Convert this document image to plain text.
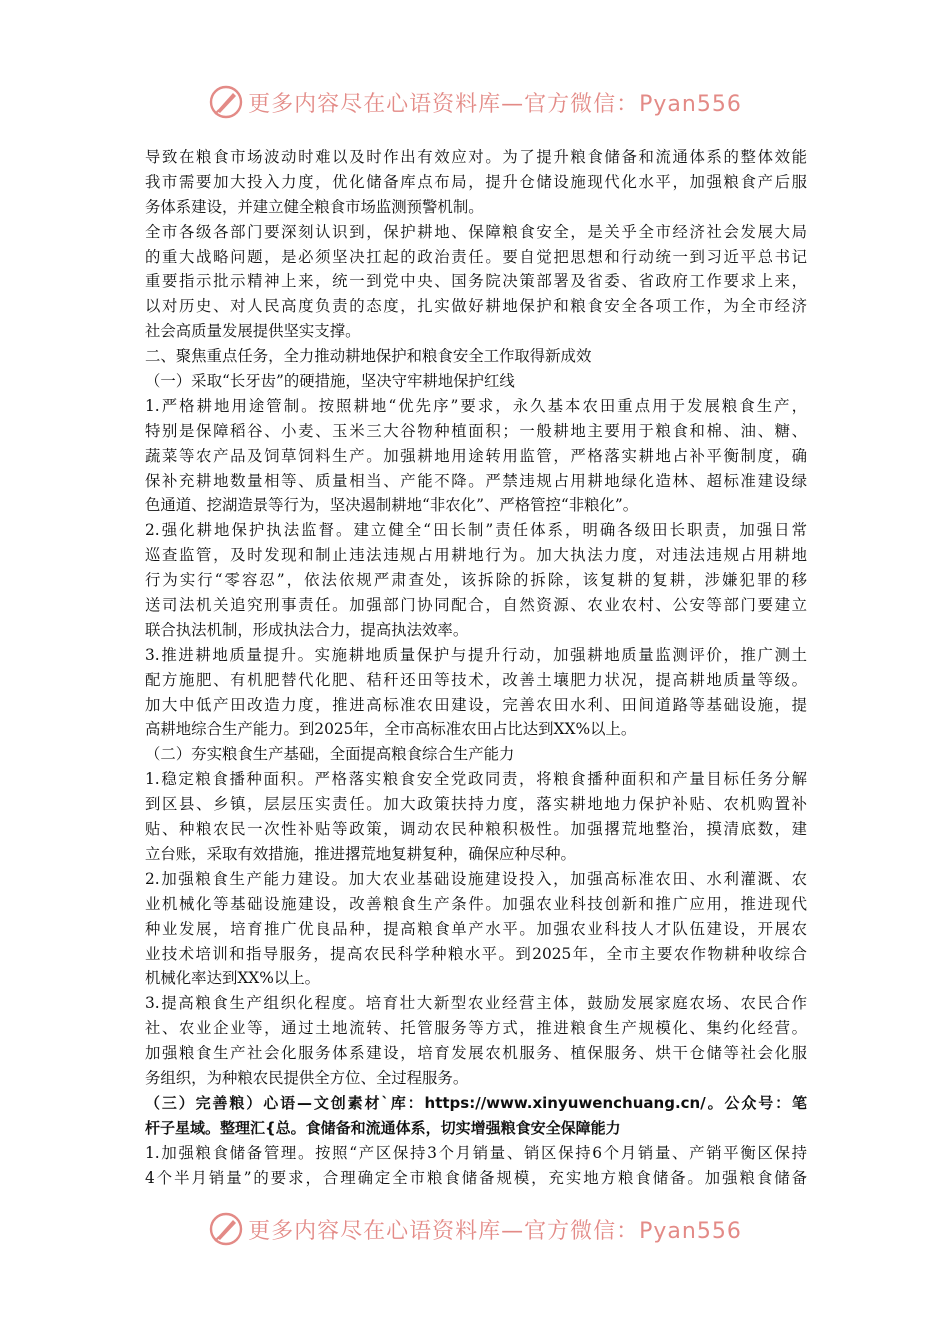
更多内容尽在心语资料库—官方微信：Pyan556
导致在粮食市场波动时难以及时作出有效应对。为了提升粮食储备和流通体系的整体效能
我市需要加大投入力度，优化储备库点布局，提升仓储设施现代化水平，加强粮食产后服
务体系建设，并建立健全粮食市场监测预警机制。
全市各级各部门要深刻认识到，保护耕地、保障粮食安全，是关乎全市经济社会发展大局
的重大战略问题，是必须坚决扛起的政治责任。要自觉把思想和行动统一到习近平总书记
重要指示批示精神上来，统一到党中央、国务院决策部署及省委、省政府工作要求上来，
以对历史、对人民高度负责的态度，扎实做好耕地保护和粮食安全各项工作，为全市经济
社会高质量发展提供坚实支撑。
二、聚焦重点任务，全力推动耕地保护和粮食安全工作取得新成效
（一）采取“长牙齿”的硬措施，坚决守牢耕地保护红线
1.严格耕地用途管制。按照耕地“优先序”要求，永久基本农田重点用于发展粮食生产，
特别是保障稻谷、小麦、玉米三大谷物种植面积；一般耕地主要用于粮食和棉、油、糖、
蔬菜等农产品及饲草饲料生产。加强耕地用途转用监管，严格落实耕地占补平衡制度，确
保补充耕地数量相等、质量相当、产能不降。严禁违规占用耕地绿化造林、超标准建设绿
色通道、挖湖造景等行为，坚决遏制耕地“非农化”、严格管控“非粮化”。
2.强化耕地保护执法监督。建立健全“田长制”责任体系，明确各级田长职责，加强日常
巡查监管，及时发现和制止违法违规占用耕地行为。加大执法力度，对违法违规占用耕地
行为实行“零容忍”，依法依规严肃查处，该拆除的拆除，该复耕的复耕，涉嫌犯罪的移
送司法机关追究刑事责任。加强部门协同配合，自然资源、农业农村、公安等部门要建立
联合执法机制，形成执法合力，提高执法效率。
3.推进耕地质量提升。实施耕地质量保护与提升行动，加强耕地质量监测评价，推广测土
配方施肥、有机肥替代化肥、秸秆还田等技术，改善土壤肥力状况，提高耕地质量等级。
加大中低产田改造力度，推进高标准农田建设，完善农田水利、田间道路等基础设施，提
高耕地综合生产能力。到2025年，全市高标准农田占比达到XX%以上。
（二）夯实粮食生产基础，全面提高粮食综合生产能力
1.稳定粮食播种面积。严格落实粮食安全党政同责，将粮食播种面积和产量目标任务分解
到区县、乡镇，层层压实责任。加大政策扶持力度，落实耕地地力保护补贴、农机购置补
贴、种粮农民一次性补贴等政策，调动农民种粮积极性。加强撂荒地整治，摸清底数，建
立台账，采取有效措施，推进撂荒地复耕复种，确保应种尽种。
2.加强粮食生产能力建设。加大农业基础设施建设投入，加强高标准农田、水利灌溉、农
业机械化等基础设施建设，改善粮食生产条件。加强农业科技创新和推广应用，推进现代
种业发展，培育推广优良品种，提高粮食单产水平。加强农业科技人才队伍建设，开展农
业技术培训和指导服务，提高农民科学种粮水平。到2025年，全市主要农作物耕种收综合
机械化率达到XX%以上。
3.提高粮食生产组织化程度。培育壮大新型农业经营主体，鼓励发展家庭农场、农民合作
社、农业企业等，通过土地流转、托管服务等方式，推进粮食生产规模化、集约化经营。
加强粮食生产社会化服务体系建设，培育发展农机服务、植保服务、烘干仓储等社会化服
务组织，为种粮农民提供全方位、全过程服务。
（三）完善粮）心语—文创素材`库：https://www.xinyuwenchuang.cn/。公众号：笔
杆子星域。整理汇{总。食储备和流通体系，切实增强粮食安全保障能力
1.加强粮食储备管理。按照“产区保持3个月销量、销区保持6个月销量、产销平衡区保持
4个半月销量”的要求，合理确定全市粮食储备规模，充实地方粮食储备。加强粮食储备
更多内容尽在心语资料库—官方微信：Pyan556
